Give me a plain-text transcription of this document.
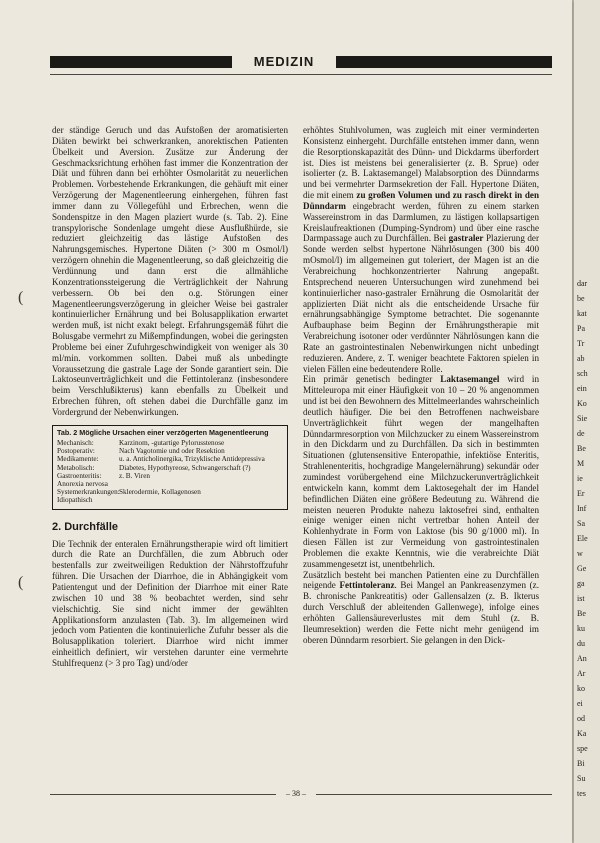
MEDIZIN

der ständige Geruch und das Aufstoßen der aromatisierten Diäten bewirkt bei schwerkranken, anorektischen Patienten Übelkeit und Aversion. Zusätze zur Änderung der Geschmacksrichtung erhöhen fast immer die Konzentration der Diät und führen dann bei erhöhter Osmolarität zu neuerlichen Problemen. Vorbestehende Erkrankungen, die gehäuft mit einer Verzögerung der Magenentleerung einhergehen, führen fast immer dann zu Völlegefühl und Erbrechen, wenn die Sondenspitze in den Magen plaziert wurde (s. Tab. 2). Eine transpylorische Sondenlage umgeht diese Ausflußhürde, sie reduziert gleichzeitig das lästige Aufstoßen des Nahrungsgemisches. Hypertone Diäten (> 300 m Osmol/l) verzögern ohnehin die Magenentleerung, so daß gleichzeitig die Verdünnung und dann erst die allmähliche Konzentrationssteigerung die Verträglichkeit der Nahrung verbessern. Ob bei den o.g. Störungen einer Magenentleerungsverzögerung in gleicher Weise bei gastraler kontinuierlicher Ernährung und bei Bolusapplikation erwartet werden muß, ist nicht exakt belegt. Erfahrungsgemäß führt die Bolusgabe vermehrt zu Mißempfindungen, wobei die geringsten Probleme bei einer Zufuhrgeschwindigkeit von weniger als 30 ml/min. vorkommen sollten. Dabei muß als unbedingte Voraussetzung die gastrale Lage der Sonde garantiert sein. Die Laktoseunverträglichkeit und die Fettintoleranz (insbesondere beim Verschlußikterus) kann ebenfalls zu Übelkeit und Erbrechen führen, oft stehen dabei die Durchfälle ganz im Vordergrund der Nebenwirkungen.

Tab. 2 Mögliche Ursachen einer verzögerten Magenentleerung
Mechanisch:	Karzinom, -gutartige Pylorusstenose
Postoperativ:	Nach Vagotomie und oder Resektion
Medikamente:	u. a. Anticholinergika, Trizyklische Antidepressiva
Metabolisch:	Diabetes, Hypothyreose, Schwangerschaft (?)
Gastroenteritis:	z. B. Viren
Anorexia nervosa
Systemerkrankungen: Sklerodermie, Kollagenosen
Idiopathisch
2. Durchfälle

Die Technik der enteralen Ernährungstherapie wird oft limitiert durch die Rate an Durchfällen, die zum Abbruch oder bestenfalls zur zweitweiligen Reduktion der Nährstoffzufuhr führen. Die Ursachen der Diarrhoe, die in Abhängigkeit vom Patientengut und der Definition der Diarrhoe mit einer Rate zwischen 10 und 38 % beobachtet werden, sind sehr vielschichtig. Sie sind nicht immer der gewählten Applikationsform anzulasten (Tab. 3). Im allgemeinen wird jedoch vom Patienten die kontinuierliche Zufuhr besser als die Bolusapplikation toleriert. Diarrhoe wird nicht immer einheitlich definiert, wir verstehen darunter eine vermehrte Stuhlfrequenz (> 3 pro Tag) und/oder

erhöhtes Stuhlvolumen, was zugleich mit einer verminderten Konsistenz einhergeht. Durchfälle entstehen immer dann, wenn die Resorptionskapazität des Dünn- und Dickdarms überfordert ist. Dies ist meistens bei generalisierter (z. B. Sprue) oder isolierter (z. B. Laktasemangel) Malabsorption des Dünndarms und bei vermehrter Darmsekretion der Fall. Hypertone Diäten, die mit einem zu großen Volumen und zu rasch direkt in den Dünndarm eingebracht werden, führen zu einem starken Wassereinstrom in das Darmlumen, zu lästigen kollapsartigen Kreislaufreaktionen (Dumping-Syndrom) und über eine rasche Darmpassage auch zu Durchfällen. Bei gastraler Plazierung der Sonde werden selbst hypertone Nährlösungen (300 bis 400 mOsmol/l) im allgemeinen gut toleriert, der Magen ist an die Verabreichung hochkonzentrierter Nahrung angepaßt. Entsprechend neueren Untersuchungen wird zunehmend bei kontinuierlicher naso-gastraler Ernährung die Osmolarität der applizierten Diät nicht als die entscheidende Ursache für ernährungsabhängige Symptome betrachtet. Die sogenannte Aufbauphase beim Beginn der Ernährungstherapie mit Verabreichung isotoner oder verdünnter Nährlösungen kann die Rate an gastrointestinalen Nebenwirkungen nicht unbedingt reduzieren. Andere, z. T. weniger beachtete Faktoren spielen in vielen Fällen eine bedeutendere Rolle.

Ein primär genetisch bedingter Laktasemangel wird in Mitteleuropa mit einer Häufigkeit von 10 – 20 % angenommen und ist bei den Bewohnern des Mittelmeerlandes wahrscheinlich deutlich häufiger. Die bei den Betroffenen nachweisbare Unverträglichkeit führt wegen der mangelhaften Dünndarmresorption von Milchzucker zu einem Wassereinstrom in den Dickdarm und zu Durchfällen. Da sich in bestimmten Situationen (glutensensitive Enteropathie, infektiöse Enteritis, Strahlenenteritis, hochgradige Mangelernährung) sekundär oder zumindest vorübergehend eine Milchzuckerunverträglichkeit entwickeln kann, kommt dem Laktosegehalt der im Handel befindlichen Diäten eine größere Bedeutung zu. Während die meisten neueren Produkte nahezu laktosefrei sind, enthalten einige weniger einen nicht vertretbar hohen Anteil der Kohlenhydrate in Form von Laktose (bis 90 g/1000 ml). In diesen Fällen ist zur Vermeidung von gastrointestinalen Problemen die exakte Kenntnis, wie die verabreichte Diät zusammengesetzt ist, unentbehrlich.

Zusätzlich besteht bei manchen Patienten eine zu Durchfällen neigende Fettintoleranz. Bei Mangel an Pankreasenzymen (z. B. chronische Pankreatitis) oder Gallensalzen (z. B. Ikterus durch Verschluß der ableitenden Gallenwege), infolge eines erhöhten Gallensäureverlustes mit dem Stuhl (z. B. Ileumresektion) werden die Fette nicht mehr genügend im oberen Dünndarm resorbiert. Sie gelangen in den Dick-

(
(
– 38 –
dar
be
kat
Pa
Tr
ab
sch
ein
Ko
Sie
de
Be
M
ie
Er
Inf
Sa
Ele
w
Ge
ga
ist
Be
ku
du
An
Ar
ko
ei
od
Ka
spe
Bi
Su
tes
